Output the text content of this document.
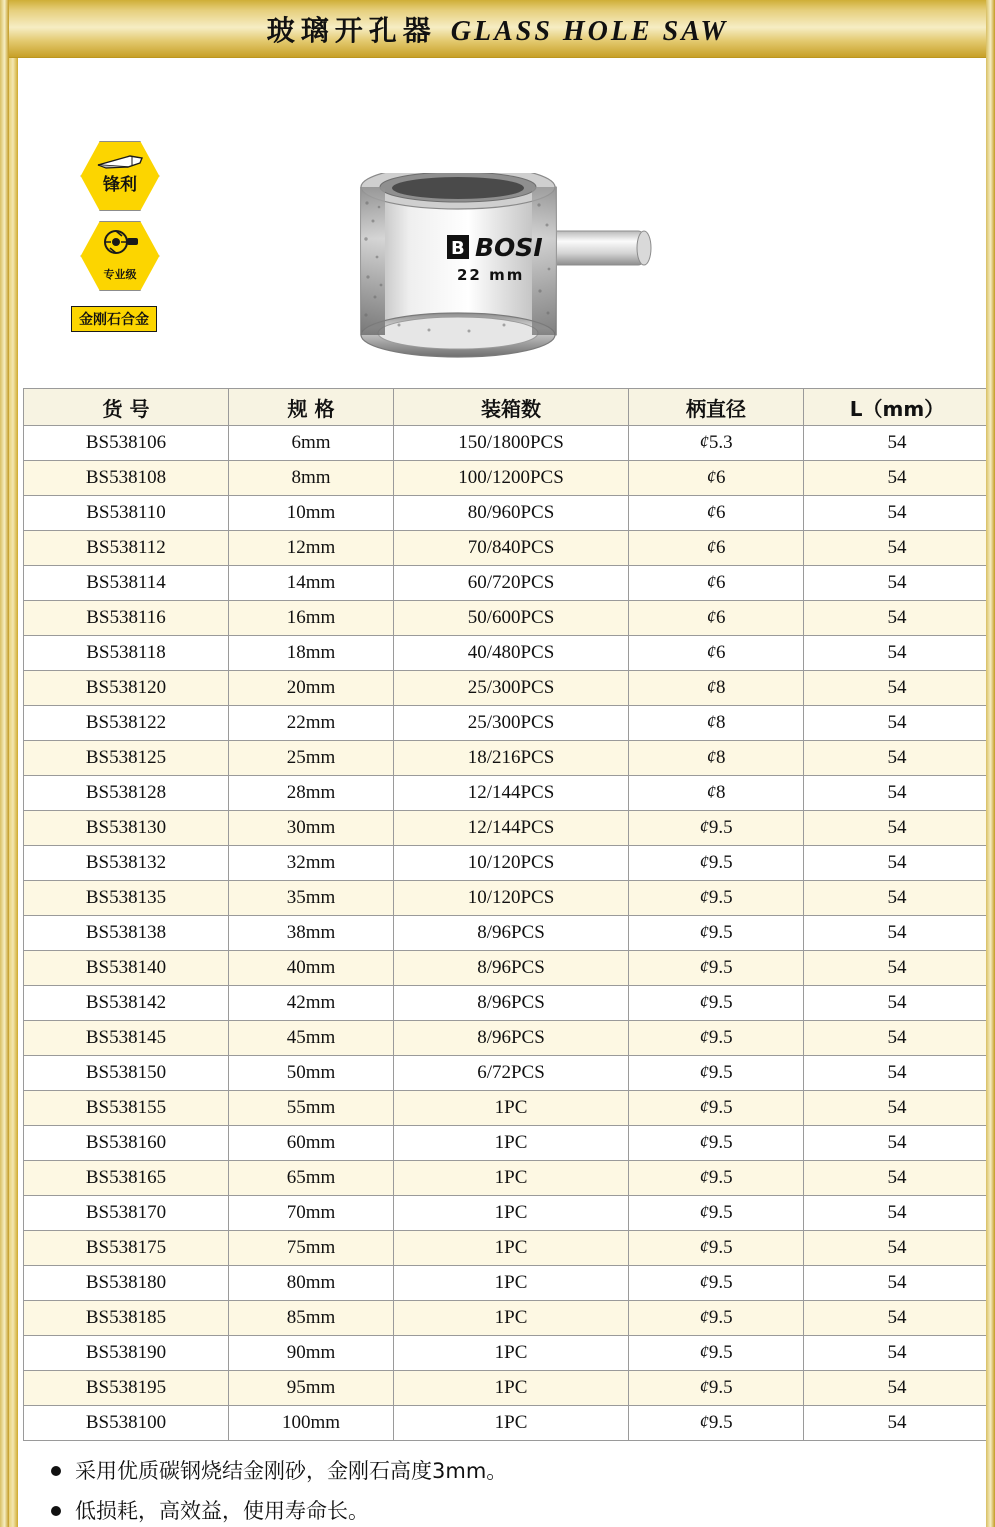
玻璃开孔器 GLASS HOLE SAW
锋利
专业级
金刚石合金
B BOSI
22 mm
货 号	规 格	装箱数	柄直径	L（mm）
BS538106	6mm	150/1800PCS	¢5.3	54
BS538108	8mm	100/1200PCS	¢6	54
BS538110	10mm	80/960PCS	¢6	54
BS538112	12mm	70/840PCS	¢6	54
BS538114	14mm	60/720PCS	¢6	54
BS538116	16mm	50/600PCS	¢6	54
BS538118	18mm	40/480PCS	¢6	54
BS538120	20mm	25/300PCS	¢8	54
BS538122	22mm	25/300PCS	¢8	54
BS538125	25mm	18/216PCS	¢8	54
BS538128	28mm	12/144PCS	¢8	54
BS538130	30mm	12/144PCS	¢9.5	54
BS538132	32mm	10/120PCS	¢9.5	54
BS538135	35mm	10/120PCS	¢9.5	54
BS538138	38mm	8/96PCS	¢9.5	54
BS538140	40mm	8/96PCS	¢9.5	54
BS538142	42mm	8/96PCS	¢9.5	54
BS538145	45mm	8/96PCS	¢9.5	54
BS538150	50mm	6/72PCS	¢9.5	54
BS538155	55mm	1PC	¢9.5	54
BS538160	60mm	1PC	¢9.5	54
BS538165	65mm	1PC	¢9.5	54
BS538170	70mm	1PC	¢9.5	54
BS538175	75mm	1PC	¢9.5	54
BS538180	80mm	1PC	¢9.5	54
BS538185	85mm	1PC	¢9.5	54
BS538190	90mm	1PC	¢9.5	54
BS538195	95mm	1PC	¢9.5	54
BS538100	100mm	1PC	¢9.5	54
采用优质碳钢烧结金刚砂，金刚石高度3mm。
低损耗，高效益，使用寿命长。
